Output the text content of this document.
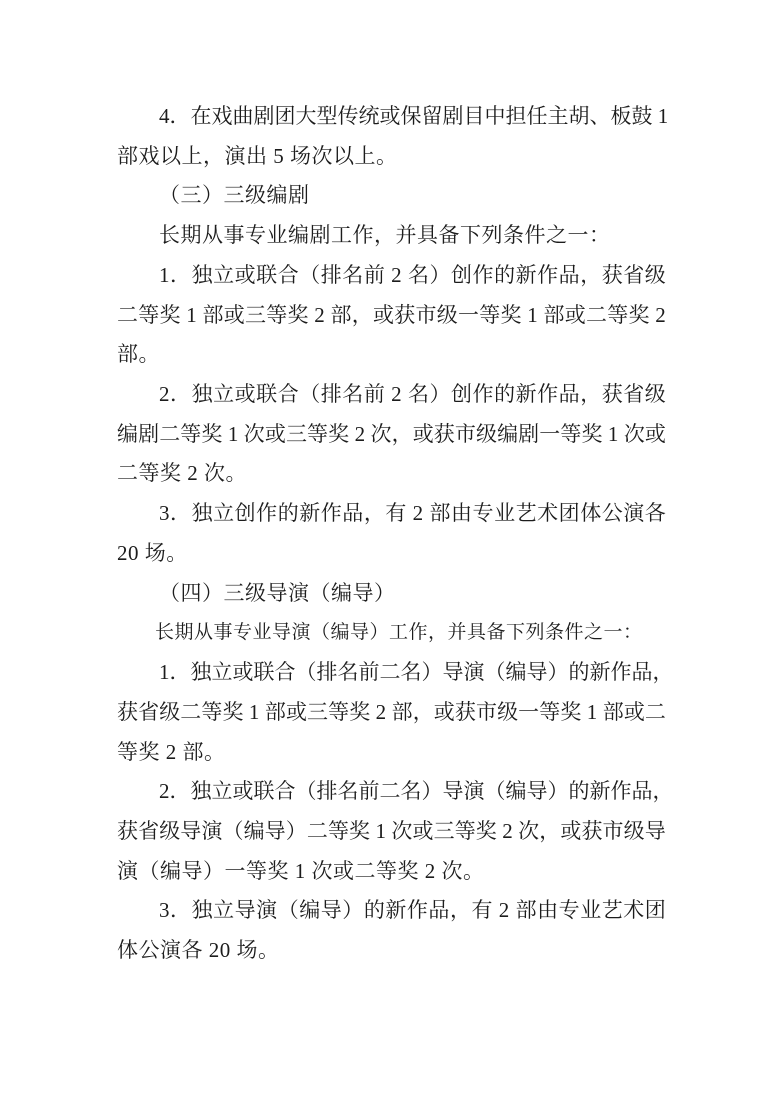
4 ． 在 戏 曲 剧 团 大 型 传 统 或 保 留 剧 目 中 担 任 主 胡 、 板 鼓
1
部戏以上，演出 5 场次以上。
（三）三级编剧
长期从事专业编剧工作，并具备下列条件之一：
1 ． 独 立 或 联 合 （ 排 名 前
2
名 ） 创 作 的 新 作 品 ， 获 省 级
二 等 奖
1
部 或 三 等 奖
2
部 ， 或 获 市 级 一 等 奖
1
部 或 二 等 奖
2
部。
2 ． 独 立 或 联 合 （ 排 名 前
2
名 ） 创 作 的 新 作 品 ， 获 省 级
编 剧 二 等 奖
1
次 或 三 等 奖
2
次 ， 或 获 市 级 编 剧 一 等 奖
1
次 或
二等奖 2 次。
3 ． 独 立 创 作 的 新 作 品 ， 有
2
部 由 专 业 艺 术 团 体 公 演 各
20 场。
（四）三级导演（编导）
长期从事专业导演（编导）工作，并具备下列条件之一：
1 ． 独 立 或 联 合 （ 排 名 前 二 名 ） 导 演 （ 编 导 ） 的 新 作 品 ，
获 省 级 二 等 奖
1
部 或 三 等 奖
2
部 ， 或 获 市 级 一 等 奖
1
部 或 二
等奖 2 部。
2 ． 独 立 或 联 合 （ 排 名 前 二 名 ） 导 演 （ 编 导 ） 的 新 作 品 ，
获 省 级 导 演 （ 编 导 ） 二 等 奖
1
次 或 三 等 奖
2
次 ， 或 获 市 级 导
演（编导）一等奖 1 次或二等奖 2 次。
3 ． 独 立 导 演 （ 编 导 ） 的 新 作 品 ， 有
2
部 由 专 业 艺 术 团
体公演各 20 场。
